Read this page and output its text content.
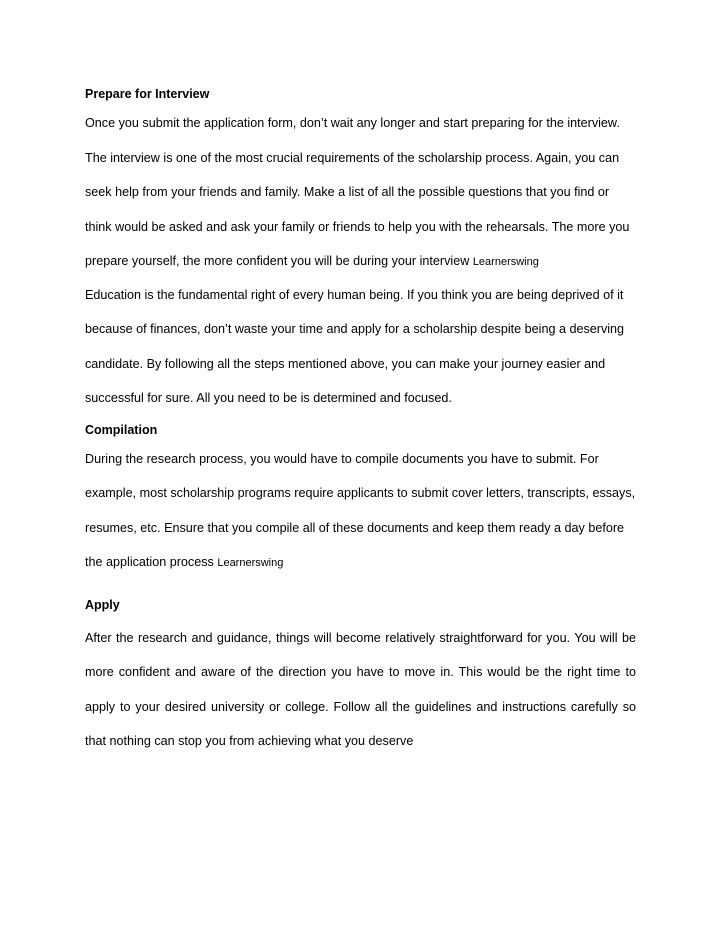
Prepare for Interview

Once you submit the application form, don’t wait any longer and start preparing for the interview. The interview is one of the most crucial requirements of the scholarship process. Again, you can seek help from your friends and family. Make a list of all the possible questions that you find or think would be asked and ask your family or friends to help you with the rehearsals. The more you prepare yourself, the more confident you will be during your interview Learnerswing

Education is the fundamental right of every human being. If you think you are being deprived of it because of finances, don’t waste your time and apply for a scholarship despite being a deserving candidate. By following all the steps mentioned above, you can make your journey easier and successful for sure. All you need to be is determined and focused.

Compilation

During the research process, you would have to compile documents you have to submit. For example, most scholarship programs require applicants to submit cover letters, transcripts, essays, resumes, etc. Ensure that you compile all of these documents and keep them ready a day before the application process Learnerswing

Apply

After the research and guidance, things will become relatively straightforward for you. You will be more confident and aware of the direction you have to move in. This would be the right time to apply to your desired university or college. Follow all the guidelines and instructions carefully so that nothing can stop you from achieving what you deserve
